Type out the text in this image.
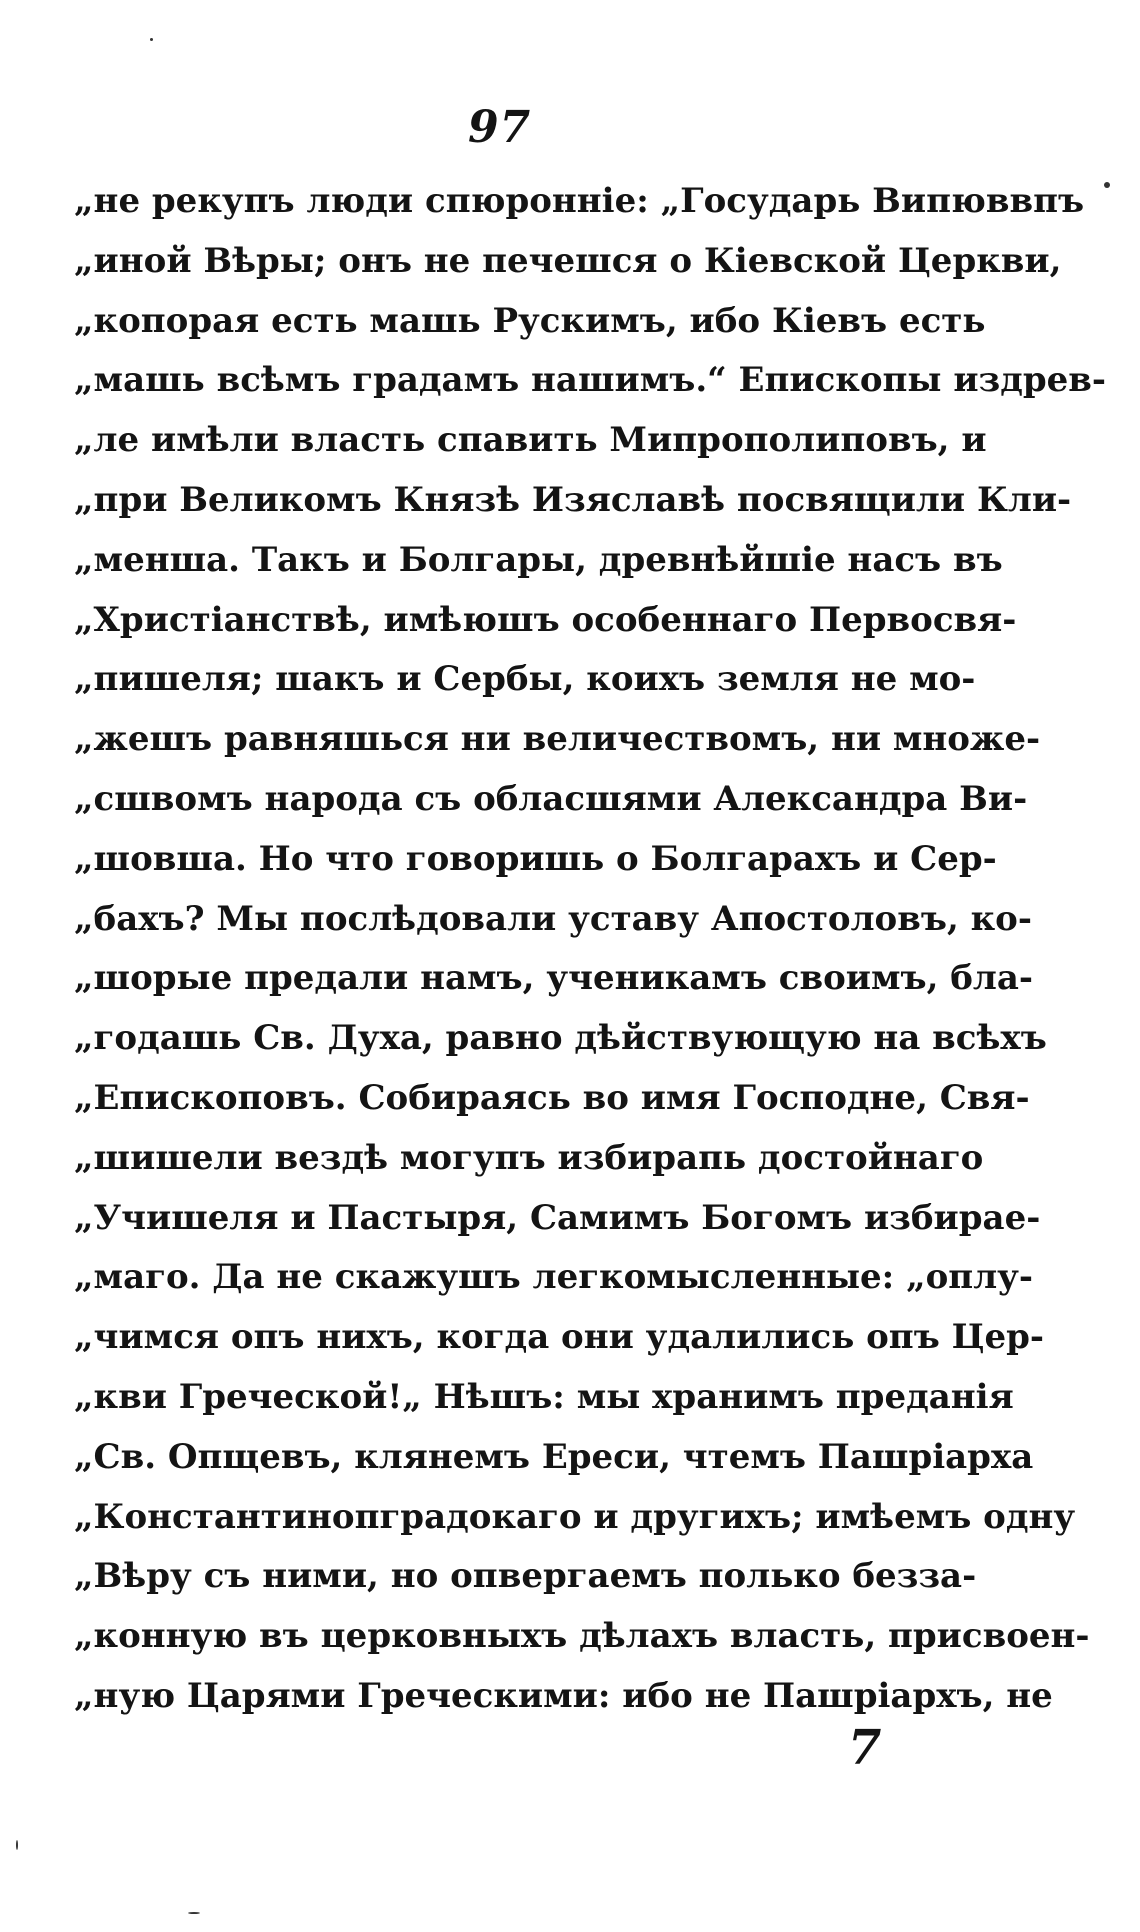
97
„не рекупъ люди спюронніе: „Государь Випюввпъ
„иной Вѣры; онъ не печешся о Кіевской Церкви,
„копорая есть машь Рускимъ, ибо Кіевъ есть
„машь всѣмъ градамъ нашимъ.“ Епископы издрев-
„ле имѣли власть спавить Мипрополиповъ, и
„при Великомъ Князѣ Изяславѣ посвящили Кли-
„менша. Такъ и Болгары, древнѣйшіе насъ въ
„Христіанствѣ, имѣюшъ особеннаго Первосвя-
„пишеля; шакъ и Сербы, коихъ земля не мо-
„жешъ равняшься ни величествомъ, ни множе-
„сшвомъ народа съ обласшями Александра Ви-
„шовша. Но что говоришь о Болгарахъ и Сер-
„бахъ? Мы послѣдовали уставу Апостоловъ, ко-
„шорые предали намъ, ученикамъ своимъ, бла-
„годашь Св. Духа, равно дѣйствующую на всѣхъ
„Епископовъ. Собираясь во имя Господне, Свя-
„шишели вездѣ могупъ избирапь достойнаго
„Учишеля и Пастыря, Самимъ Богомъ избирае-
„маго. Да не скажушъ легкомысленные: „оплу-
„чимся опъ нихъ, когда они удалились опъ Цер-
„кви Греческой!„ Нѣшъ: мы хранимъ преданія
„Св. Опщевъ, клянемъ Ереси, чтемъ Пашріарха
„Константинопградокаго и другихъ; имѣемъ одну
„Вѣру съ ними, но опвергаемъ полько безза-
„конную въ церковныхъ дѣлахъ власть, присвоен-
„ную Царями Греческими: ибо не Пашріархъ, не
7
